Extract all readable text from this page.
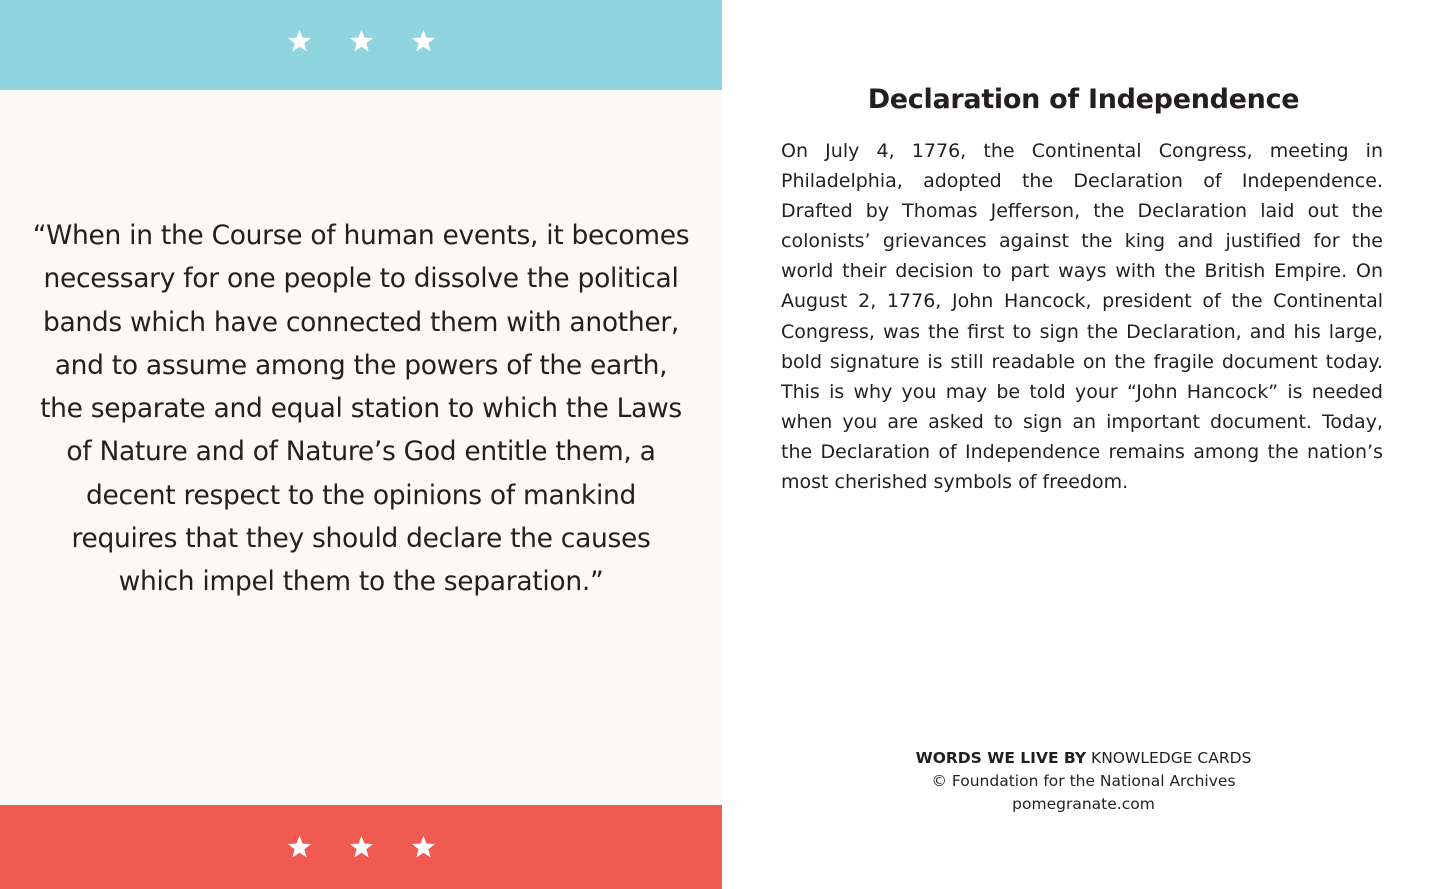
“When in the Course of human events, it becomes necessary for one people to dissolve the political bands which have connected them with another, and to assume among the powers of the earth, the separate and equal station to which the Laws of Nature and of Nature’s God entitle them, a decent respect to the opinions of mankind requires that they should declare the causes which impel them to the separation.”

Declaration of Independence

On July 4, 1776, the Continental Congress, meeting in Philadelphia, adopted the Declaration of Independence. Drafted by Thomas Jefferson, the Declaration laid out the colonists’ grievances against the king and justified for the world their decision to part ways with the British Empire. On August 2, 1776, John Hancock, president of the Continental Congress, was the first to sign the Declaration, and his large, bold signature is still readable on the fragile document today. This is why you may be told your “John Hancock” is needed when you are asked to sign an important document. Today, the Declaration of Independence remains among the nation’s most cherished symbols of freedom.

WORDS WE LIVE BY KNOWLEDGE CARDS
© Foundation for the National Archives
pomegranate.com
